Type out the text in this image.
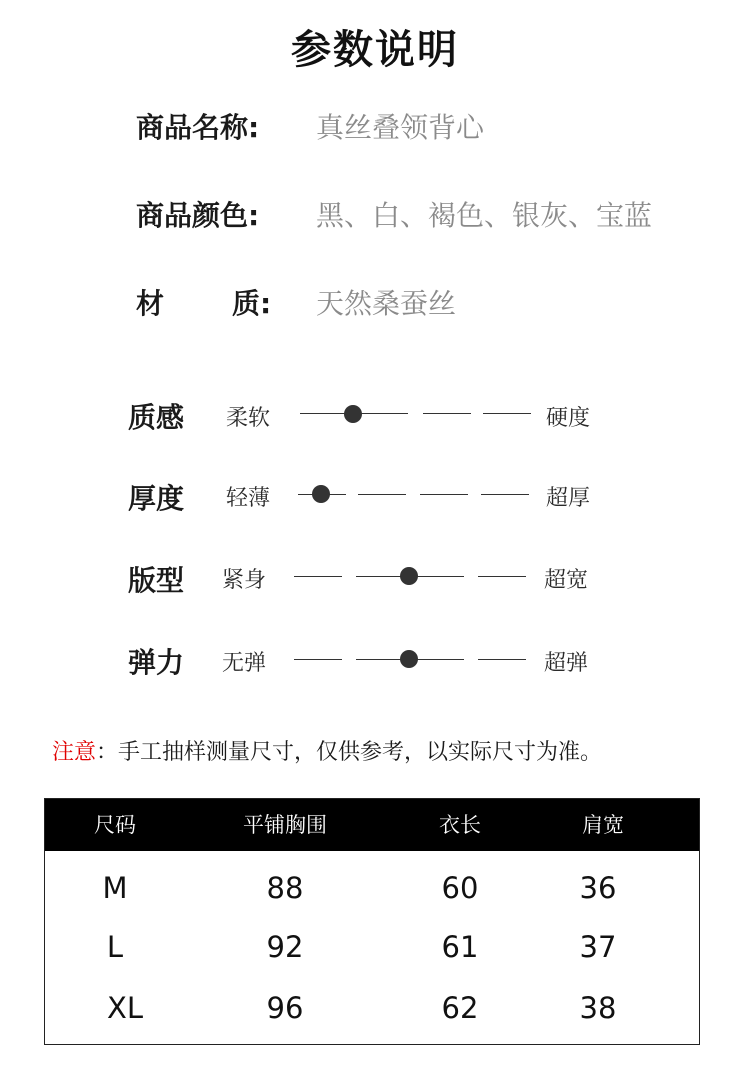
参数说明
商品名称: 真丝叠领背心
商品颜色: 黑、白、褐色、银灰、宝蓝
材 质: 天然桑蚕丝
质感 柔软	硬度
厚度 轻薄	超厚
版型 紧身	超宽
弹力 无弹	超弹
注意：手工抽样测量尺寸，仅供参考，以实际尺寸为准。
尺码	平铺胸围	衣长	肩宽
M	88	60	36
L	92	61	37
XL	96	62	38
